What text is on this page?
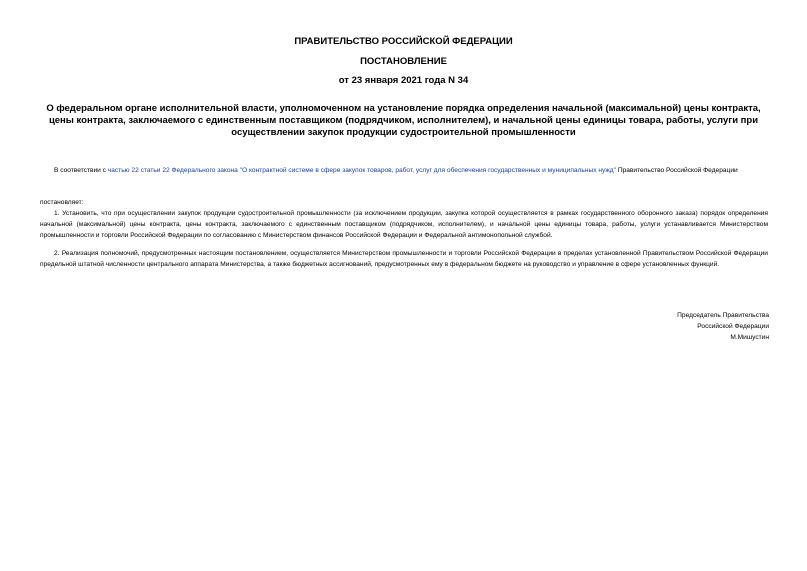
ПРАВИТЕЛЬСТВО РОССИЙСКОЙ ФЕДЕРАЦИИ
ПОСТАНОВЛЕНИЕ
от 23 января 2021 года N 34
О федеральном органе исполнительной власти, уполномоченном на установление порядка определения начальной (максимальной) цены контракта, цены контракта, заключаемого с единственным поставщиком (подрядчиком, исполнителем), и начальной цены единицы товара, работы, услуги при осуществлении закупок продукции судостроительной промышленности
В соответствии с частью 22 статьи 22 Федерального закона "О контрактной системе в сфере закупок товаров, работ, услуг для обеспечения государственных и муниципальных нужд" Правительство Российской Федерации
постановляет:
1. Установить, что при осуществлении закупок продукции судостроительной промышленности (за исключением продукции, закупка которой осуществляется в рамках государственного оборонного заказа) порядок определения начальной (максимальной) цены контракта, цены контракта, заключаемого с единственным поставщиком (подрядчиком, исполнителем), и начальной цены единицы товара, работы, услуги устанавливается Министерством промышленности и торговли Российской Федерации по согласованию с Министерством финансов Российской Федерации и Федеральной антимонопольной службой.
2. Реализация полномочий, предусмотренных настоящим постановлением, осуществляется Министерством промышленности и торговли Российской Федерации в пределах установленной Правительством Российской Федерации предельной штатной численности центрального аппарата Министерства, а также бюджетных ассигнований, предусмотренных ему в федеральном бюджете на руководство и управление в сфере установленных функций.
Председатель Правительства
Российской Федерации
М.Мишустин
